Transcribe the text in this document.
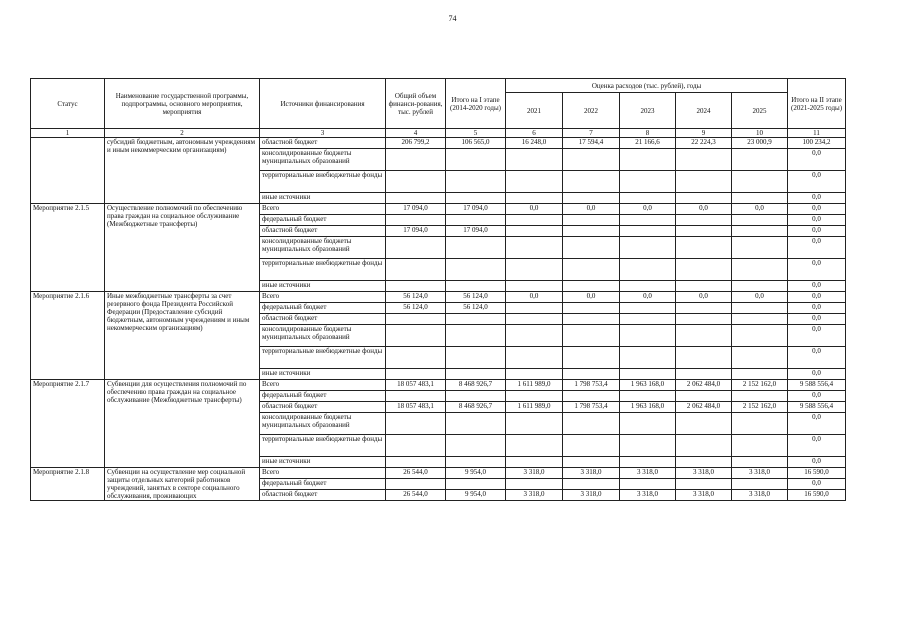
74
Статус	Наименование государственной программы, подпрограммы, основного мероприятия, мероприятия	Источники финансирования	Общий объем финанси-рования, тыс. рублей	Итого на I этапе (2014-2020 годы)	Оценка расходов (тыс. рублей), годы					Итого на II этапе (2021-2025 годы)
					2021	2022	2023	2024	2025	
1	2	3	4	5	6	7	8	9	10	11
	субсидий бюджетным, автономным учреждениям и иным некоммерческим организациям)	областной бюджет	206 799,2	106 565,0	16 248,0	17 594,4	21 166,6	22 224,3	23 000,9	100 234,2
		консолидированные бюджеты муниципальных образований								0,0
		территориальные внебюджетные фонды								0,0
		иные источники								0,0
Мероприятие 2.1.5	Осуществление полномочий по обеспечению права граждан на социальное обслуживание (Межбюджетные трансферты)	Всего	17 094,0	17 094,0	0,0	0,0	0,0	0,0	0,0	0,0
		федеральный бюджет								0,0
		областной бюджет	17 094,0	17 094,0						0,0
		консолидированные бюджеты муниципальных образований								0,0
		территориальные внебюджетные фонды								0,0
		иные источники								0,0
Мероприятие 2.1.6	Иные межбюджетные трансферты за счет резервного фонда Президента Российской Федерации (Предоставление субсидий бюджетным, автономным учреждениям и иным некоммерческим организациям)	Всего	56 124,0	56 124,0	0,0	0,0	0,0	0,0	0,0	0,0
		федеральный бюджет	56 124,0	56 124,0						0,0
		областной бюджет								0,0
		консолидированные бюджеты муниципальных образований								0,0
		территориальные внебюджетные фонды								0,0
		иные источники								0,0
Мероприятие 2.1.7	Субвенции для осуществления полномочий по обеспечению права граждан на социальное обслуживание (Межбюджетные трансферты)	Всего	18 057 483,1	8 468 926,7	1 611 989,0	1 798 753,4	1 963 168,0	2 062 484,0	2 152 162,0	9 588 556,4
		федеральный бюджет								0,0
		областной бюджет	18 057 483,1	8 468 926,7	1 611 989,0	1 798 753,4	1 963 168,0	2 062 484,0	2 152 162,0	9 588 556,4
		консолидированные бюджеты муниципальных образований								0,0
		территориальные внебюджетные фонды								0,0
		иные источники								0,0
Мероприятие 2.1.8	Субвенции на осуществление мер социальной защиты отдельных категорий работников учреждений, занятых в секторе социального обслуживания, проживающих	Всего	26 544,0	9 954,0	3 318,0	3 318,0	3 318,0	3 318,0	3 318,0	16 590,0
		федеральный бюджет								0,0
		областной бюджет	26 544,0	9 954,0	3 318,0	3 318,0	3 318,0	3 318,0	3 318,0	16 590,0
